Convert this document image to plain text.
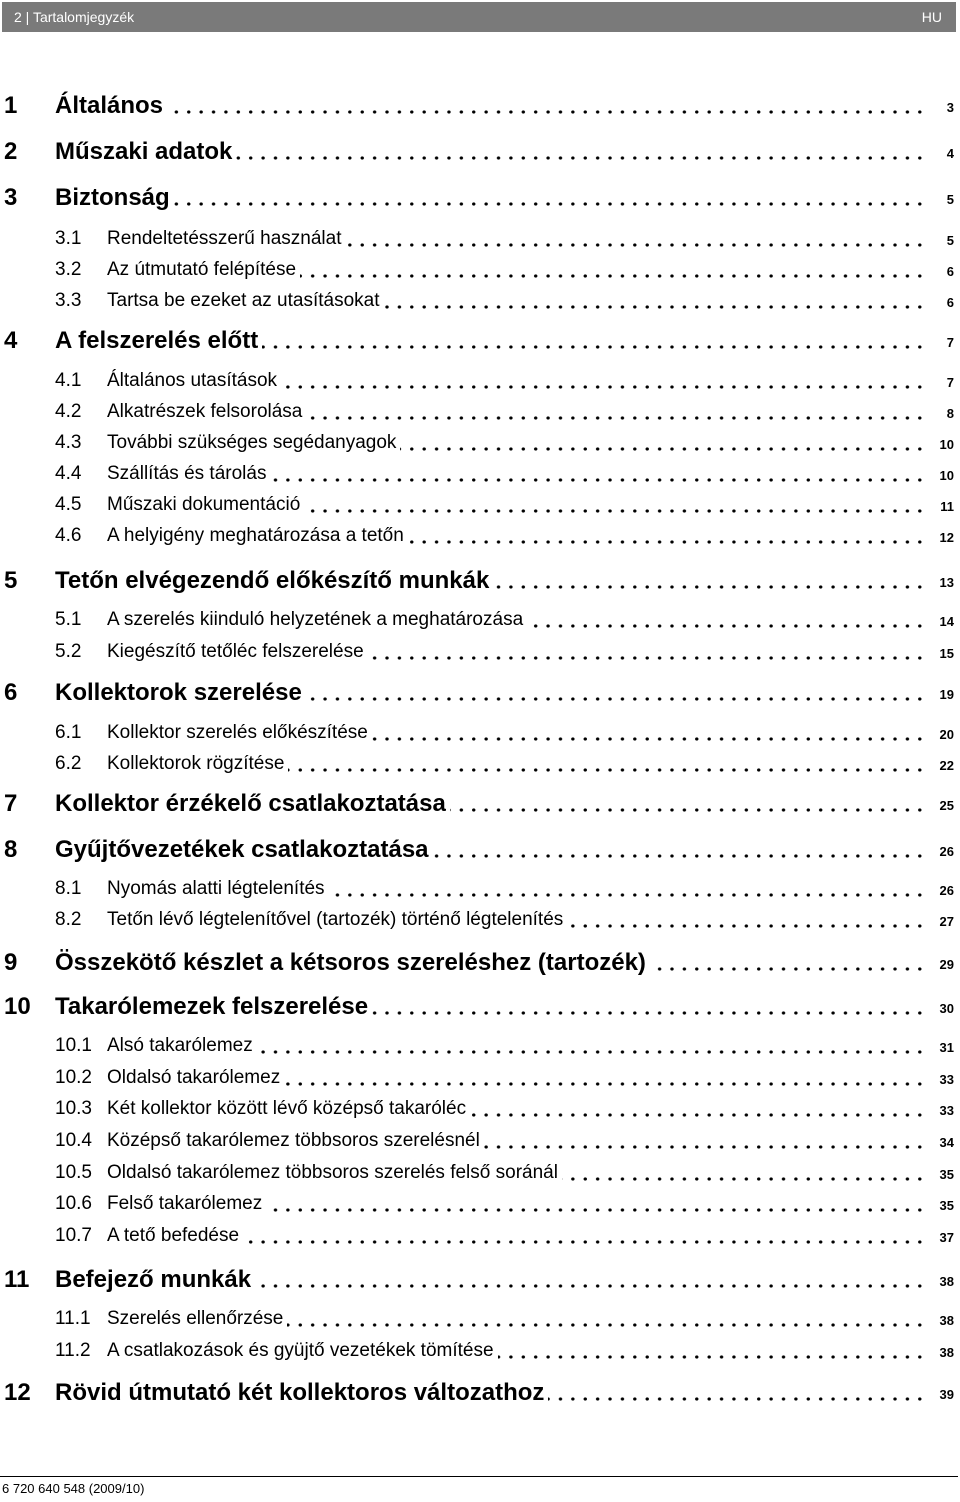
2 | Tartalomjegyzék	HU
1 Általános	3
2 Műszaki adatok	4
3 Biztonság	5
3.1 Rendeltetésszerű használat	5
3.2 Az útmutató felépítése	6
3.3 Tartsa be ezeket az utasításokat	6
4 A felszerelés előtt	7
4.1 Általános utasítások	7
4.2 Alkatrészek felsorolása	8
4.3 További szükséges segédanyagok	10
4.4 Szállítás és tárolás	10
4.5 Műszaki dokumentáció	11
4.6 A helyigény meghatározása a tetőn	12
5 Tetőn elvégezendő előkészítő munkák	13
5.1 A szerelés kiinduló helyzetének a meghatározása	14
5.2 Kiegészítő tetőléc felszerelése	15
6 Kollektorok szerelése	19
6.1 Kollektor szerelés előkészítése	20
6.2 Kollektorok rögzítése	22
7 Kollektor érzékelő csatlakoztatása	25
8 Gyűjtővezetékek csatlakoztatása	26
8.1 Nyomás alatti légtelenítés	26
8.2 Tetőn lévő légtelenítővel (tartozék) történő légtelenítés	27
9 Összekötő készlet a kétsoros szereléshez (tartozék)	29
10 Takarólemezek felszerelése	30
10.1 Alsó takarólemez	31
10.2 Oldalsó takarólemez	33
10.3 Két kollektor között lévő középső takaróléc	33
10.4 Középső takarólemez többsoros szerelésnél	34
10.5 Oldalsó takarólemez többsoros szerelés felső soránál	35
10.6 Felső takarólemez	35
10.7 A tető befedése	37
11 Befejező munkák	38
11.1 Szerelés ellenőrzése	38
11.2 A csatlakozások és gyüjtő vezetékek tömítése	38
12 Rövid útmutató két kollektoros változathoz	39
6 720 640 548 (2009/10)
